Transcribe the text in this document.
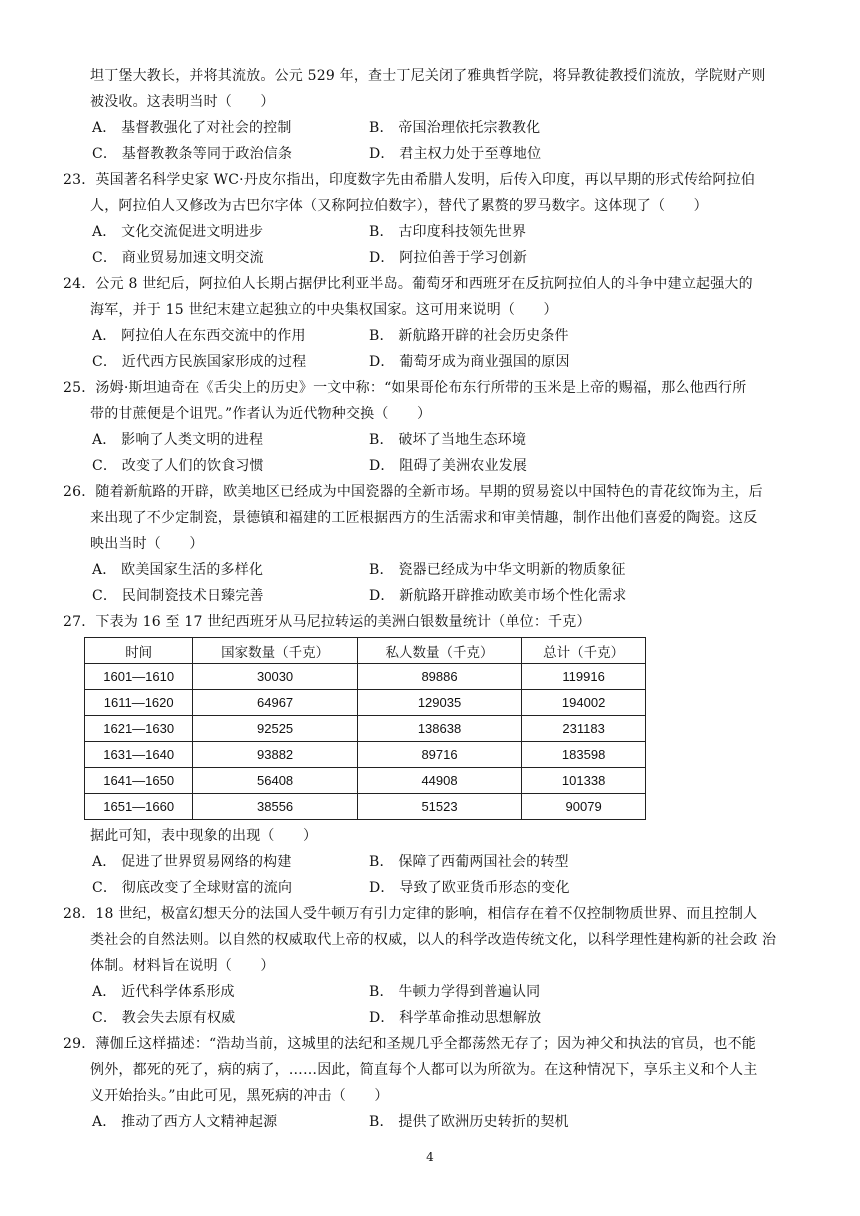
坦丁堡大教长，并将其流放。公元 529 年，查士丁尼关闭了雅典哲学院，将异教徒教授们流放，学院财产则
被没收。这表明当时（　　）
A． 基督教强化了对社会的控制	B． 帝国治理依托宗教教化
C． 基督教教条等同于政治信条	D． 君主权力处于至尊地位
23．英国著名科学史家 WC·丹皮尔指出，印度数字先由希腊人发明，后传入印度，再以早期的形式传给阿拉伯
人，阿拉伯人又修改为古巴尔字体（又称阿拉伯数字），替代了累赘的罗马数字。这体现了（　　）
A． 文化交流促进文明进步	B． 古印度科技领先世界
C． 商业贸易加速文明交流	D． 阿拉伯善于学习创新
24．公元 8 世纪后，阿拉伯人长期占据伊比利亚半岛。葡萄牙和西班牙在反抗阿拉伯人的斗争中建立起强大的
海军，并于 15 世纪末建立起独立的中央集权国家。这可用来说明（　　）
A． 阿拉伯人在东西交流中的作用	B． 新航路开辟的社会历史条件
C． 近代西方民族国家形成的过程	D． 葡萄牙成为商业强国的原因
25．汤姆·斯坦迪奇在《舌尖上的历史》一文中称：“如果哥伦布东行所带的玉米是上帝的赐福，那么他西行所
带的甘蔗便是个诅咒。”作者认为近代物种交换（　　）
A． 影响了人类文明的进程	B． 破坏了当地生态环境
C． 改变了人们的饮食习惯	D． 阻碍了美洲农业发展
26．随着新航路的开辟，欧美地区已经成为中国瓷器的全新市场。早期的贸易瓷以中国特色的青花纹饰为主，后
来出现了不少定制瓷，景德镇和福建的工匠根据西方的生活需求和审美情趣，制作出他们喜爱的陶瓷。这反
映出当时（　　）
A． 欧美国家生活的多样化	B． 瓷器已经成为中华文明新的物质象征
C． 民间制瓷技术日臻完善	D． 新航路开辟推动欧美市场个性化需求
27．下表为 16 至 17 世纪西班牙从马尼拉转运的美洲白银数量统计（单位：千克）
时间	国家数量（千克）	私人数量（千克）	总计（千克）
1601—1610	30030	89886	119916
1611—1620	64967	129035	194002
1621—1630	92525	138638	231183
1631—1640	93882	89716	183598
1641—1650	56408	44908	101338
1651—1660	38556	51523	90079
据此可知，表中现象的出现（　　）
A． 促进了世界贸易网络的构建	B． 保障了西葡两国社会的转型
C． 彻底改变了全球财富的流向	D． 导致了欧亚货币形态的变化
28．18 世纪，极富幻想天分的法国人受牛顿万有引力定律的影响，相信存在着不仅控制物质世界、而且控制人
类社会的自然法则。以自然的权威取代上帝的权威，以人的科学改造传统文化，以科学理性建构新的社会政 治
体制。材料旨在说明（　　）
A． 近代科学体系形成	B． 牛顿力学得到普遍认同
C． 教会失去原有权威	D． 科学革命推动思想解放
29．薄伽丘这样描述：“浩劫当前，这城里的法纪和圣规几乎全都荡然无存了；因为神父和执法的官员，也不能
例外，都死的死了，病的病了，……因此，简直每个人都可以为所欲为。在这种情况下，享乐主义和个人主
义开始抬头。”由此可见，黑死病的冲击（　　）
A． 推动了西方人文精神起源	B． 提供了欧洲历史转折的契机
4
